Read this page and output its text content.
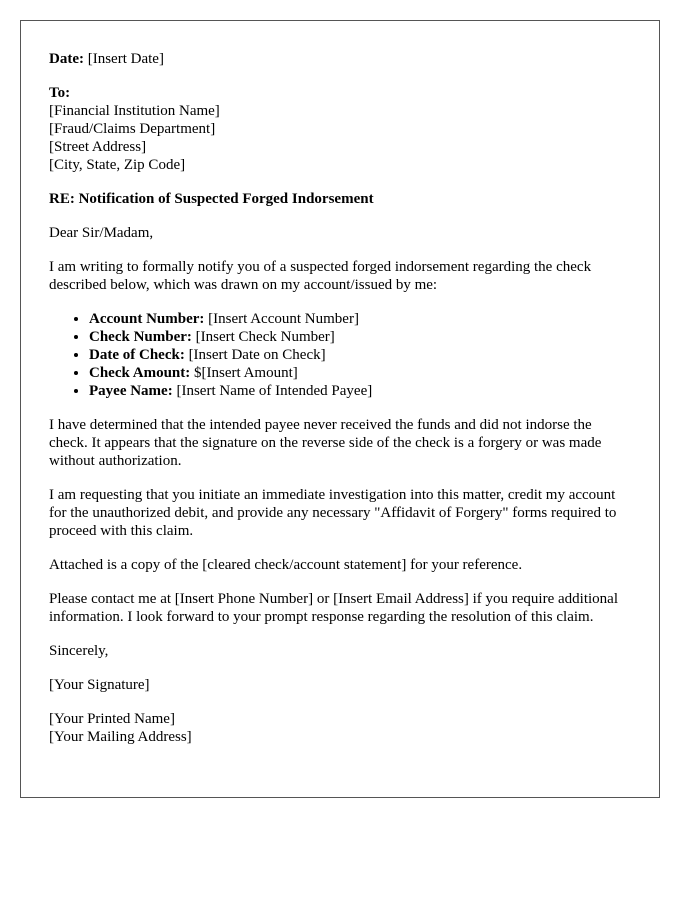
Date: [Insert Date]

To:
[Financial Institution Name]
[Fraud/Claims Department]
[Street Address]
[City, State, Zip Code]

RE: Notification of Suspected Forged Indorsement

Dear Sir/Madam,

I am writing to formally notify you of a suspected forged indorsement regarding the check described below, which was drawn on my account/issued by me:

• Account Number: [Insert Account Number]
• Check Number: [Insert Check Number]
• Date of Check: [Insert Date on Check]
• Check Amount: $[Insert Amount]
• Payee Name: [Insert Name of Intended Payee]

I have determined that the intended payee never received the funds and did not indorse the check. It appears that the signature on the reverse side of the check is a forgery or was made without authorization.

I am requesting that you initiate an immediate investigation into this matter, credit my account for the unauthorized debit, and provide any necessary "Affidavit of Forgery" forms required to proceed with this claim.

Attached is a copy of the [cleared check/account statement] for your reference.

Please contact me at [Insert Phone Number] or [Insert Email Address] if you require additional information. I look forward to your prompt response regarding the resolution of this claim.

Sincerely,

[Your Signature]

[Your Printed Name]
[Your Mailing Address]
